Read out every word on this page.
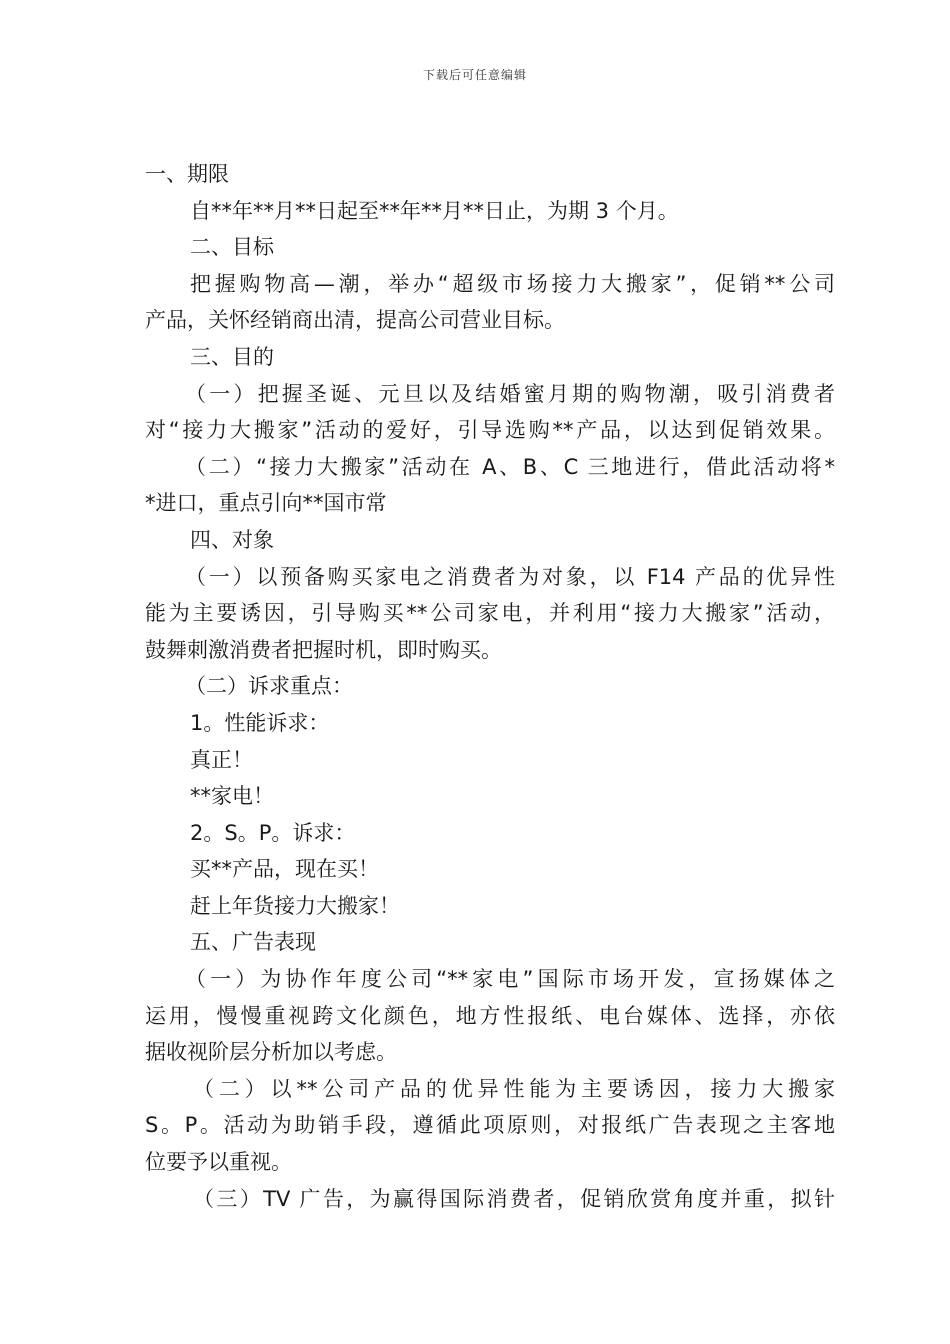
下载后可任意编辑
一、期限
自**年**月**日起至**年**月**日止，为期 3 个月。
二、目标
把握购物高—潮，举办“超级市场接力大搬家”，促销**公司
产品，关怀经销商出清，提高公司营业目标。
三、目的
（一）把握圣诞、元旦以及结婚蜜月期的购物潮，吸引消费者
对“接力大搬家”活动的爱好，引导选购**产品，以达到促销效果。
（二）“接力大搬家”活动在 A、B、C 三地进行，借此活动将*
*进口，重点引向**国市常
四、对象
（一）以预备购买家电之消费者为对象，以 F14 产品的优异性
能为主要诱因，引导购买**公司家电，并利用“接力大搬家”活动，
鼓舞刺激消费者把握时机，即时购买。
（二）诉求重点：
1。性能诉求：
真正！
**家电！
2。S。P。诉求：
买**产品，现在买！
赶上年货接力大搬家！
五、广告表现
（一）为协作年度公司“**家电”国际市场开发，宣扬媒体之
运用，慢慢重视跨文化颜色，地方性报纸、电台媒体、选择，亦依
据收视阶层分析加以考虑。
（二）以**公司产品的优异性能为主要诱因，接力大搬家
S。P。活动为助销手段，遵循此项原则，对报纸广告表现之主客地
位要予以重视。
（三）TV 广告，为赢得国际消费者，促销欣赏角度并重，拟针
